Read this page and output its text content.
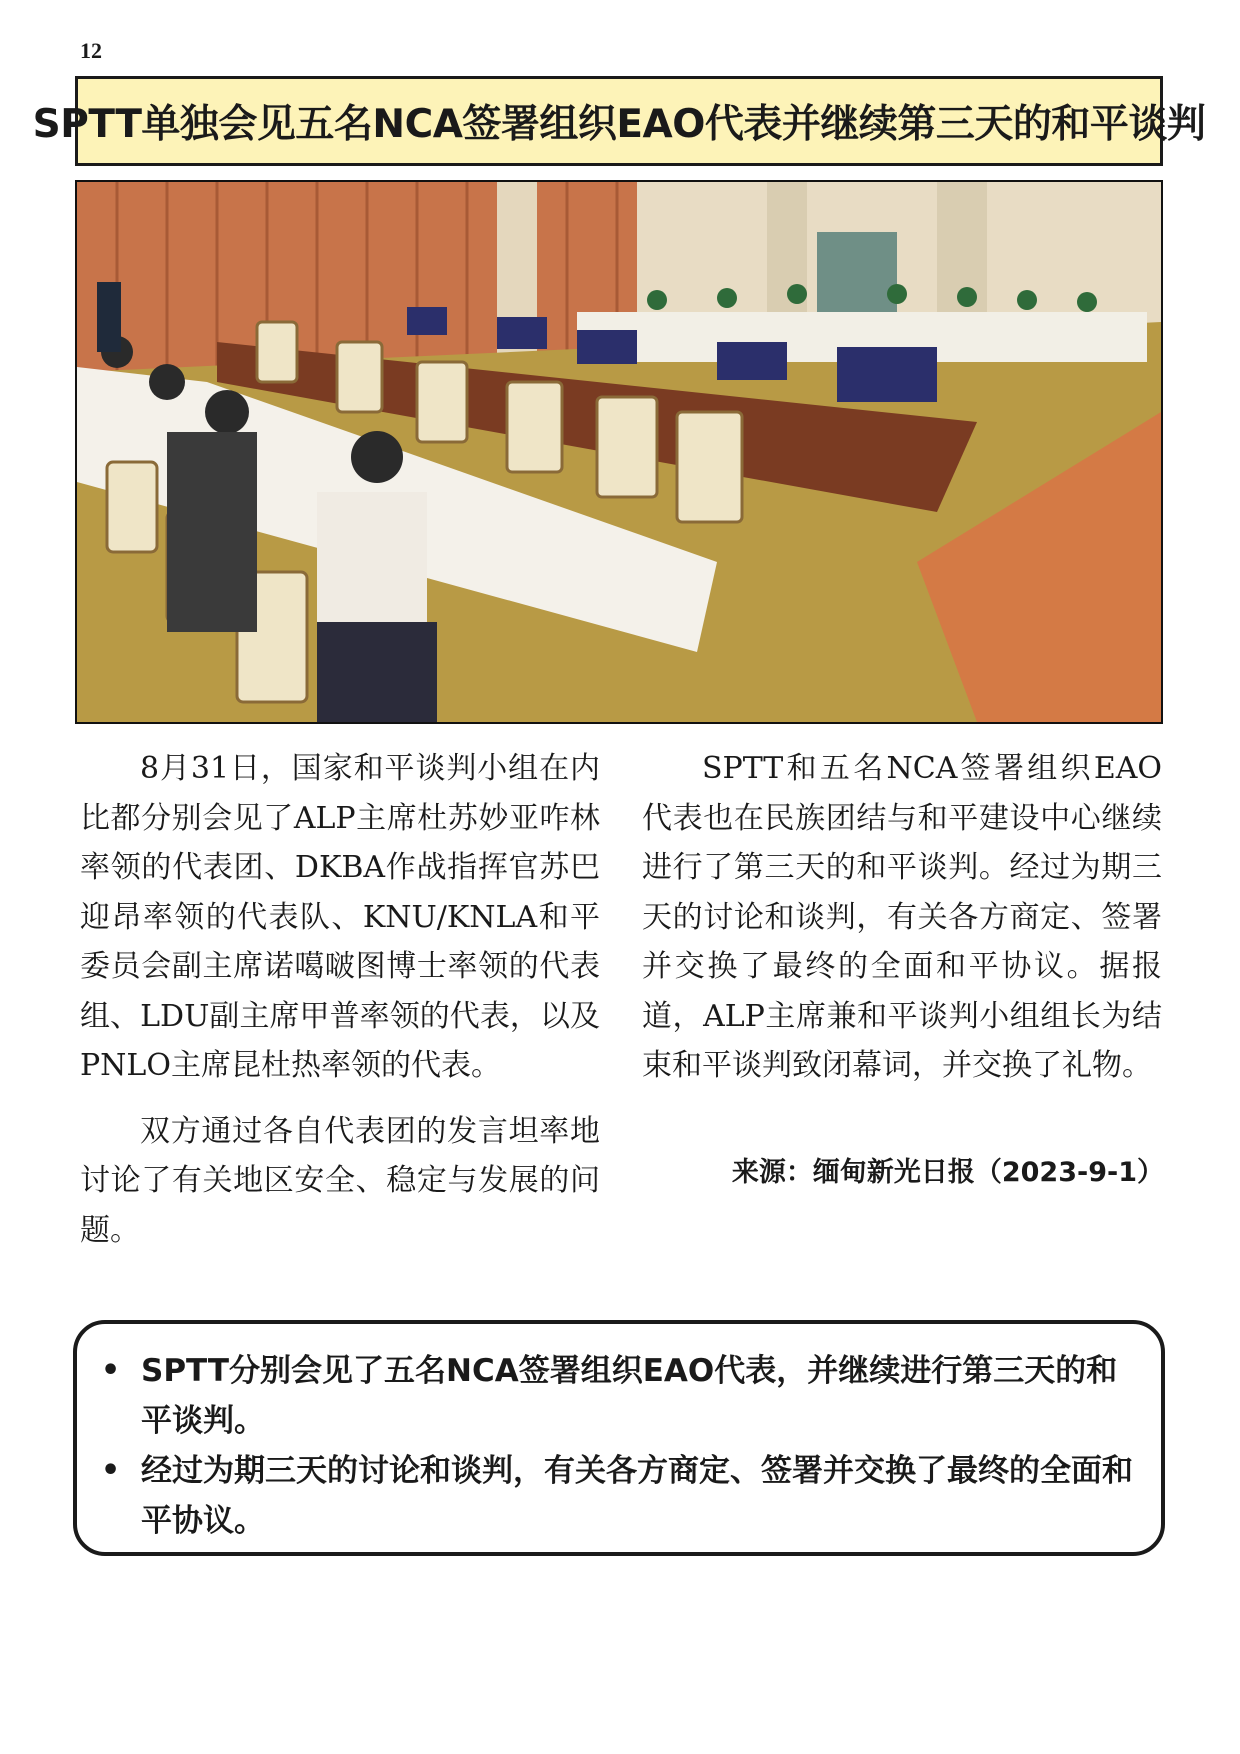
12
SPTT单独会见五名NCA签署组织EAO代表并继续第三天的和平谈判

8月31日，国家和平谈判小组在内比都分别会见了ALP主席杜苏妙亚咋林率领的代表团、DKBA作战指挥官苏巴迎昂率领的代表队、KNU/KNLA和平委员会副主席诺噶啵图博士率领的代表组、LDU副主席甲普率领的代表，以及PNLO主席昆杜热率领的代表。

双方通过各自代表团的发言坦率地讨论了有关地区安全、稳定与发展的问题。

SPTT和五名NCA签署组织EAO代表也在民族团结与和平建设中心继续进行了第三天的和平谈判。经过为期三天的讨论和谈判，有关各方商定、签署并交换了最终的全面和平协议。据报道，ALP主席兼和平谈判小组组长为结束和平谈判致闭幕词，并交换了礼物。

来源：缅甸新光日报（2023-9-1）
• SPTT分别会见了五名NCA签署组织EAO代表，并继续进行第三天的和平谈判。
• 经过为期三天的讨论和谈判，有关各方商定、签署并交换了最终的全面和平协议。
